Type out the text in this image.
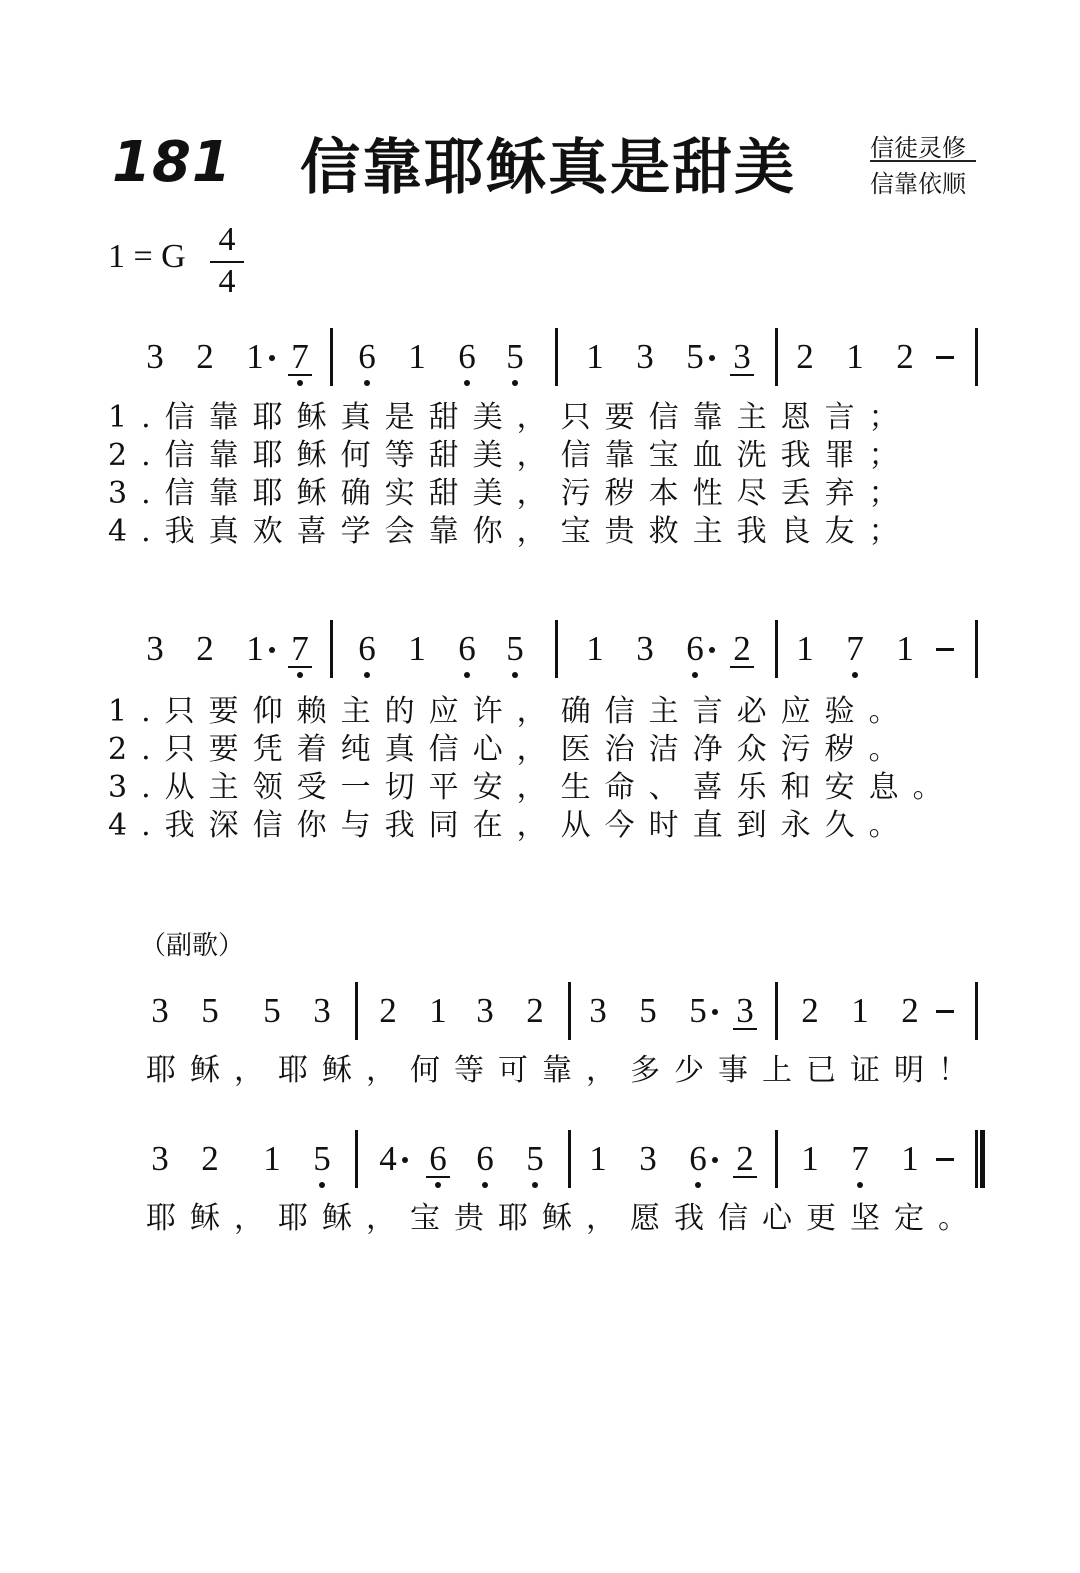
181 信靠耶稣真是甜美	信徒灵修
信靠依顺
1 = G 4
4
（副歌）
3 2 1 7 6 1 6 5 1 3 5 3 2 1 2
1.信靠耶稣真是甜美，只要信靠主恩言；
2.信靠耶稣何等甜美，信靠宝血洗我罪；
3.信靠耶稣确实甜美，污秽本性尽丢弃；
4.我真欢喜学会靠你，宝贵救主我良友；
3 2 1 7 6 1 6 5 1 3 6 2 1 7 1
1.只要仰赖主的应许，确信主言必应验。
2.只要凭着纯真信心，医治洁净众污秽。
3.从主领受一切平安，生命、喜乐和安息。
4.我深信你与我同在，从今时直到永久。
3 5 5 3 2 1 3 2 3 5 5 3 2 1 2
耶稣，耶稣，何等可靠，多少事上已证明！
3 2 1 5 4 6 6 5 1 3 6 2 1 7 1
耶稣，耶稣，宝贵耶稣，愿我信心更坚定。
